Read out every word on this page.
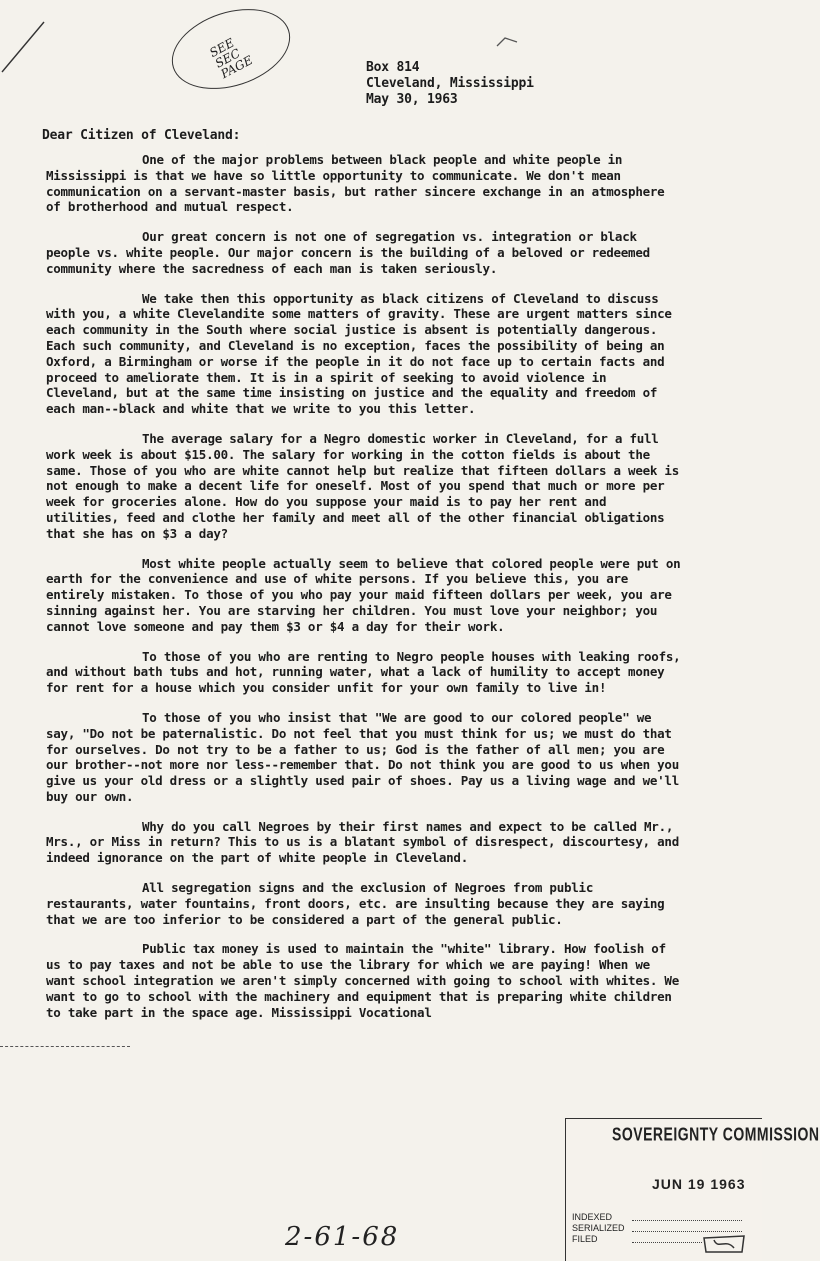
SEE
SEC
PAGE	Box 814
Cleveland, Mississippi
May 30, 1963
Dear Citizen of Cleveland:

One of the major problems between black people and white people in Mississippi is that we have so little opportunity to communicate. We don't mean communication on a servant-master basis, but rather sincere exchange in an atmosphere of brotherhood and mutual respect.

Our great concern is not one of segregation vs. integration or black people vs. white people. Our major concern is the building of a beloved or redeemed community where the sacredness of each man is taken seriously.

We take then this opportunity as black citizens of Cleveland to discuss with you, a white Clevelandite some matters of gravity. These are urgent matters since each community in the South where social justice is absent is potentially dangerous. Each such community, and Cleveland is no exception, faces the possibility of being an Oxford, a Birmingham or worse if the people in it do not face up to certain facts and proceed to ameliorate them. It is in a spirit of seeking to avoid violence in Cleveland, but at the same time insisting on justice and the equality and freedom of each man--black and white that we write to you this letter.

The average salary for a Negro domestic worker in Cleveland, for a full work week is about $15.00. The salary for working in the cotton fields is about the same. Those of you who are white cannot help but realize that fifteen dollars a week is not enough to make a decent life for oneself. Most of you spend that much or more per week for groceries alone. How do you suppose your maid is to pay her rent and utilities, feed and clothe her family and meet all of the other financial obligations that she has on $3 a day?

Most white people actually seem to believe that colored people were put on earth for the convenience and use of white persons. If you believe this, you are entirely mistaken. To those of you who pay your maid fifteen dollars per week, you are sinning against her. You are starving her children. You must love your neighbor; you cannot love someone and pay them $3 or $4 a day for their work.

To those of you who are renting to Negro people houses with leaking roofs, and without bath tubs and hot, running water, what a lack of humility to accept money for rent for a house which you consider unfit for your own family to live in!

To those of you who insist that "We are good to our colored people" we say, "Do not be paternalistic. Do not feel that you must think for us; we must do that for ourselves. Do not try to be a father to us; God is the father of all men; you are our brother--not more nor less--remember that. Do not think you are good to us when you give us your old dress or a slightly used pair of shoes. Pay us a living wage and we'll buy our own.

Why do you call Negroes by their first names and expect to be called Mr., Mrs., or Miss in return? This to us is a blatant symbol of disrespect, discourtesy, and indeed ignorance on the part of white people in Cleveland.

All segregation signs and the exclusion of Negroes from public restaurants, water fountains, front doors, etc. are insulting because they are saying that we are too inferior to be considered a part of the general public.

Public tax money is used to maintain the "white" library. How foolish of us to pay taxes and not be able to use the library for which we are paying! When we want school integration we aren't simply concerned with going to school with whites. We want to go to school with the machinery and equipment that is preparing white children to take part in the space age. Mississippi Vocational

SOVEREIGNTY COMMISSION
JUN 19 1963
INDEXED
SERIALIZED
FILED
2-61-68
